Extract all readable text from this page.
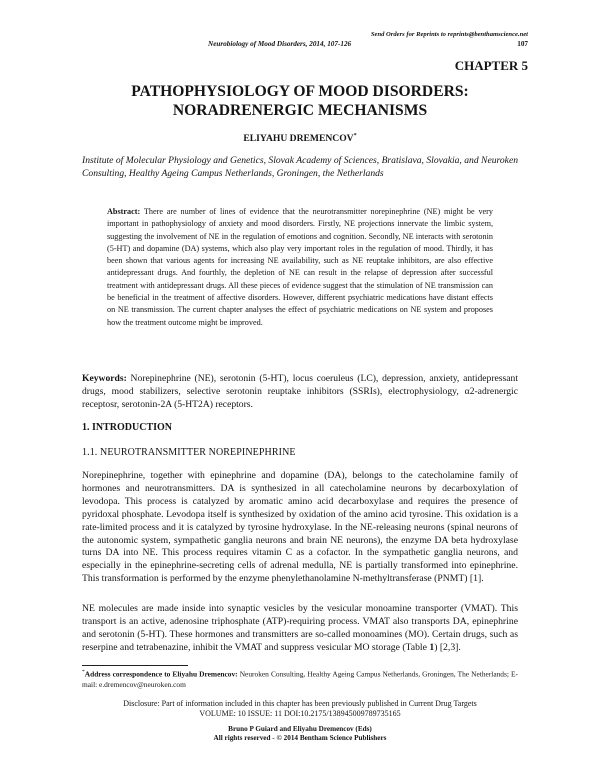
Send Orders for Reprints to reprints@benthamscience.net
Neurobiology of Mood Disorders, 2014, 107-126	107
CHAPTER 5
PATHOPHYSIOLOGY OF MOOD DISORDERS:
NORADRENERGIC MECHANISMS
ELIYAHU DREMENCOV*
Institute of Molecular Physiology and Genetics, Slovak Academy of Sciences, Bratislava, Slovakia, and Neuroken Consulting, Healthy Ageing Campus Netherlands, Groningen, the Netherlands
Abstract: There are number of lines of evidence that the neurotransmitter norepinephrine (NE) might be very important in pathophysiology of anxiety and mood disorders. Firstly, NE projections innervate the limbic system, suggesting the involvement of NE in the regulation of emotions and cognition. Secondly, NE interacts with serotonin (5-HT) and dopamine (DA) systems, which also play very important roles in the regulation of mood. Thirdly, it has been shown that various agents for increasing NE availability, such as NE reuptake inhibitors, are also effective antidepressant drugs. And fourthly, the depletion of NE can result in the relapse of depression after successful treatment with antidepressant drugs. All these pieces of evidence suggest that the stimulation of NE transmission can be beneficial in the treatment of affective disorders. However, different psychiatric medications have distant effects on NE transmission. The current chapter analyses the effect of psychiatric medications on NE system and proposes how the treatment outcome might be improved.
Keywords: Norepinephrine (NE), serotonin (5-HT), locus coeruleus (LC), depression, anxiety, antidepressant drugs, mood stabilizers, selective serotonin reuptake inhibitors (SSRIs), electrophysiology, α2-adrenergic receptosr, serotonin-2A (5-HT2A) receptors.
1. INTRODUCTION
1.1. NEUROTRANSMITTER NOREPINEPHRINE
Norepinephrine, together with epinephrine and dopamine (DA), belongs to the catecholamine family of hormones and neurotransmitters. DA is synthesized in all catecholamine neurons by decarboxylation of levodopa. This process is catalyzed by aromatic amino acid decarboxylase and requires the presence of pyridoxal phosphate. Levodopa itself is synthesized by oxidation of the amino acid tyrosine. This oxidation is a rate-limited process and it is catalyzed by tyrosine hydroxylase. In the NE-releasing neurons (spinal neurons of the autonomic system, sympathetic ganglia neurons and brain NE neurons), the enzyme DA beta hydroxylase turns DA into NE. This process requires vitamin C as a cofactor. In the sympathetic ganglia neurons, and especially in the epinephrine-secreting cells of adrenal medulla, NE is partially transformed into epinephrine. This transformation is performed by the enzyme phenylethanolamine N-methyltransferase (PNMT) [1].
NE molecules are made inside into synaptic vesicles by the vesicular monoamine transporter (VMAT). This transport is an active, adenosine triphosphate (ATP)-requiring process. VMAT also transports DA, epinephrine and serotonin (5-HT). These hormones and transmitters are so-called monoamines (MO). Certain drugs, such as reserpine and tetrabenazine, inhibit the VMAT and suppress vesicular MO storage (Table 1) [2,3].
*Address correspondence to Eliyahu Dremencov: Neuroken Consulting, Healthy Ageing Campus Netherlands, Groningen, The Netherlands; E-mail: e.dremencov@neuroken.com
Disclosure: Part of information included in this chapter has been previously published in Current Drug Targets
VOLUME: 10 ISSUE: 11 DOI:10.2175/138945009789735165
Bruno P Guiard and Eliyahu Dremencov (Eds)
All rights reserved - © 2014 Bentham Science Publishers
